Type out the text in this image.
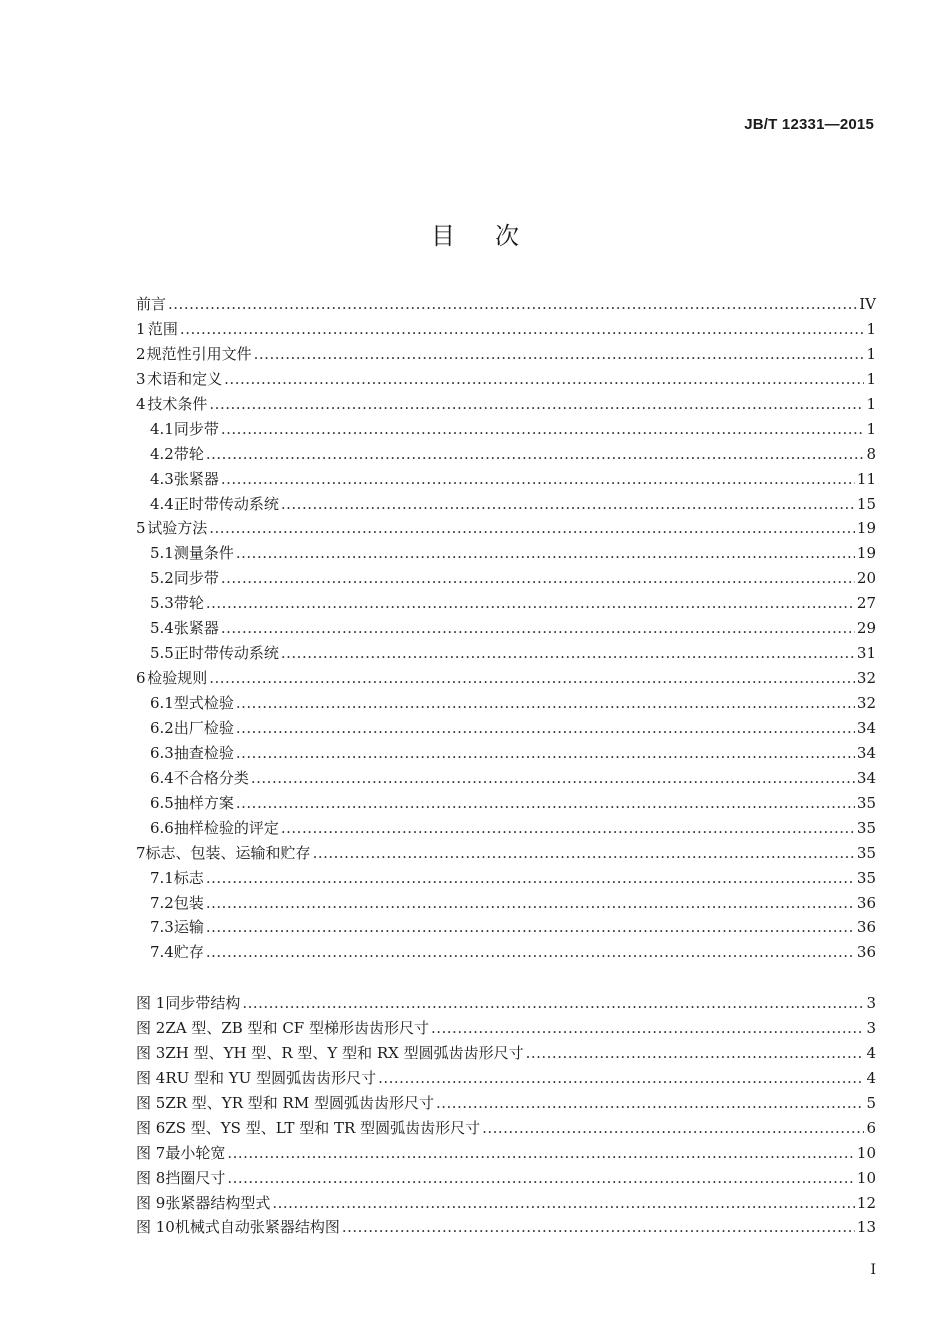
JB/T 12331—2015
目次
前言 .....	IV
1 范围 .....	1
2 规范性引用文件 .....	1
3 术语和定义 .....	1
4 技术条件 .....	1
4.1 同步带 .....	1
4.2 带轮 .....	8
4.3 张紧器 .....	11
4.4 正时带传动系统 .....	15
5 试验方法 .....	19
5.1 测量条件 .....	19
5.2 同步带 .....	20
5.3 带轮 .....	27
5.4 张紧器 .....	29
5.5 正时带传动系统 .....	31
6 检验规则 .....	32
6.1 型式检验 .....	32
6.2 出厂检验 .....	34
6.3 抽查检验 .....	34
6.4 不合格分类 .....	34
6.5 抽样方案 .....	35
6.6 抽样检验的评定 .....	35
7 标志、包装、运输和贮存 .....	35
7.1 标志 .....	35
7.2 包装 .....	36
7.3 运输 .....	36
7.4 贮存 .....	36
图 1 同步带结构 .....	3
图 2 ZA 型、ZB 型和 CF 型梯形齿齿形尺寸 .....	3
图 3 ZH 型、YH 型、R 型、Y 型和 RX 型圆弧齿齿形尺寸 .....	4
图 4 RU 型和 YU 型圆弧齿齿形尺寸 .....	4
图 5 ZR 型、YR 型和 RM 型圆弧齿齿形尺寸 .....	5
图 6 ZS 型、YS 型、LT 型和 TR 型圆弧齿齿形尺寸 .....	6
图 7 最小轮宽 .....	10
图 8 挡圈尺寸 .....	10
图 9 张紧器结构型式 .....	12
图 10 机械式自动张紧器结构图 .....	13
I
